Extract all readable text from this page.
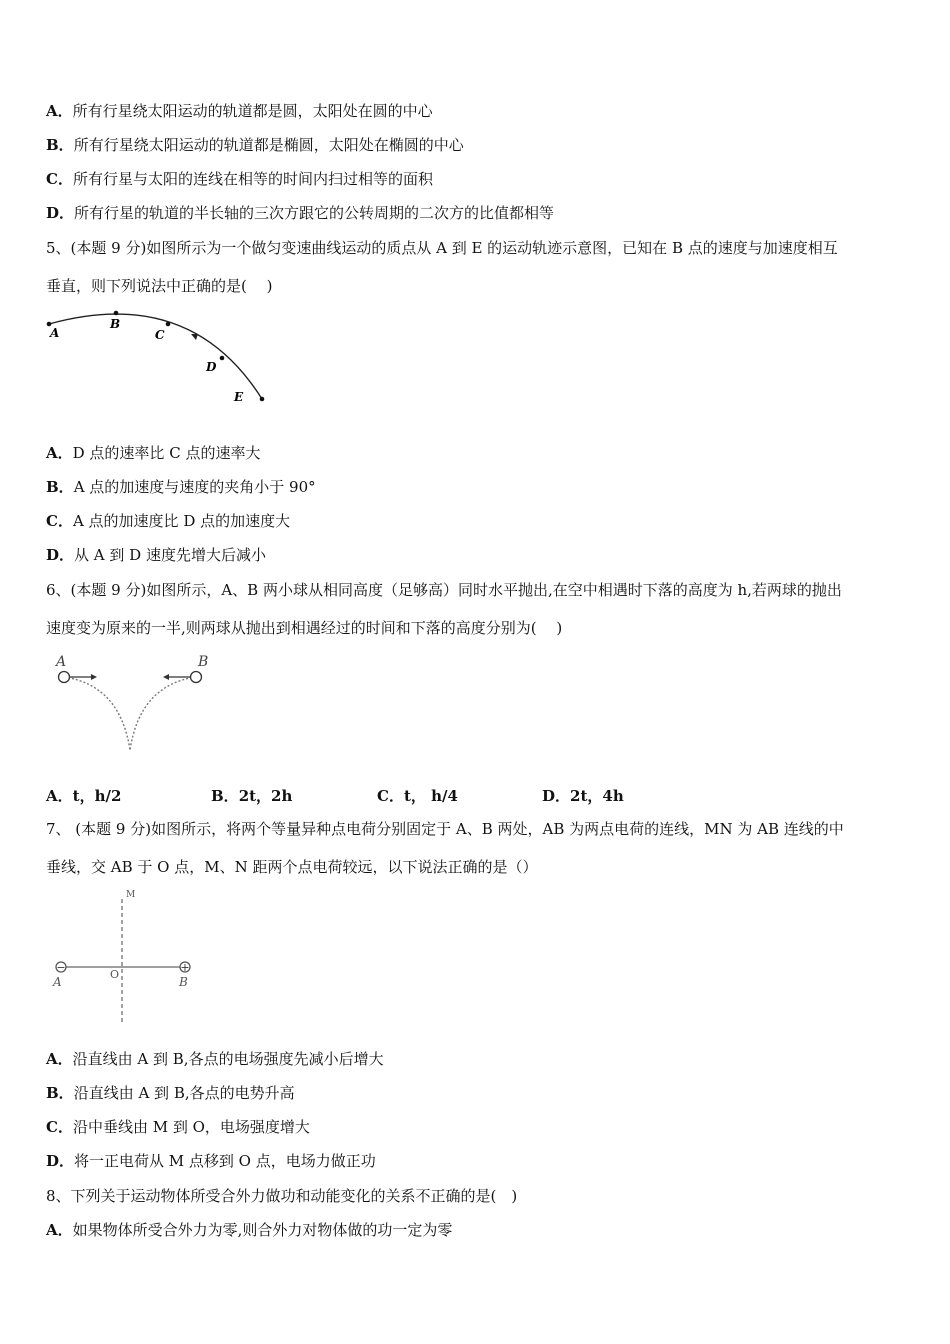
A．所有行星绕太阳运动的轨道都是圆，太阳处在圆的中心
B．所有行星绕太阳运动的轨道都是椭圆，太阳处在椭圆的中心
C．所有行星与太阳的连线在相等的时间内扫过相等的面积
D．所有行星的轨道的半长轴的三次方跟它的公转周期的二次方的比值都相等
5、(本题 9 分)如图所示为一个做匀变速曲线运动的质点从 A 到 E 的运动轨迹示意图，已知在 B 点的速度与加速度相互
垂直，则下列说法中正确的是(　 )
A
B
C
D
E
A．D 点的速率比 C 点的速率大
B．A 点的加速度与速度的夹角小于 90°
C．A 点的加速度比 D 点的加速度大
D．从 A 到 D 速度先增大后减小
6、(本题 9 分)如图所示，A、B 两小球从相同高度（足够高）同时水平抛出,在空中相遇时下落的高度为 h,若两球的抛出
速度变为原来的一半,则两球从抛出到相遇经过的时间和下落的高度分别为(　 )
A	B
A．t，h/2	B．2t，2h	C．t， h/4	D．2t，4h
7、 (本题 9 分)如图所示，将两个等量异种点电荷分别固定于 A、B 两处，AB 为两点电荷的连线，MN 为 AB 连线的中
垂线，交 AB 于 O 点，M、N 距两个点电荷较远，以下说法正确的是（）
−	+
M
O
A	B
A．沿直线由 A 到 B,各点的电场强度先减小后增大
B．沿直线由 A 到 B,各点的电势升高
C．沿中垂线由 M 到 O，电场强度增大
D．将一正电荷从 M 点移到 O 点，电场力做正功
8、下列关于运动物体所受合外力做功和动能变化的关系不正确的是(　)
A．如果物体所受合外力为零,则合外力对物体做的功一定为零
